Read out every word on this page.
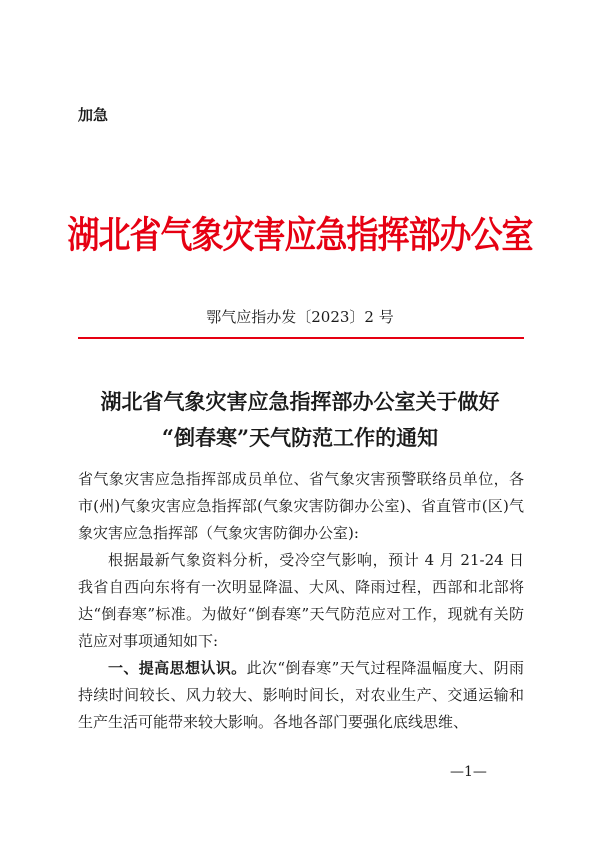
加急
湖北省气象灾害应急指挥部办公室
鄂气应指办发〔2023〕2 号
湖北省气象灾害应急指挥部办公室关于做好
“倒春寒”天气防范工作的通知

省气象灾害应急指挥部成员单位、省气象灾害预警联络员单位，各市(州)气象灾害应急指挥部(气象灾害防御办公室)、省直管市(区)气象灾害应急指挥部（气象灾害防御办公室):

根据最新气象资料分析，受冷空气影响，预计 4 月 21-24 日我省自西向东将有一次明显降温、大风、降雨过程，西部和北部将达“倒春寒”标准。为做好“倒春寒”天气防范应对工作，现就有关防范应对事项通知如下:

一、提高思想认识。此次“倒春寒”天气过程降温幅度大、阴雨持续时间较长、风力较大、影响时间长，对农业生产、交通运输和生产生活可能带来较大影响。各地各部门要强化底线思维、

—1—
